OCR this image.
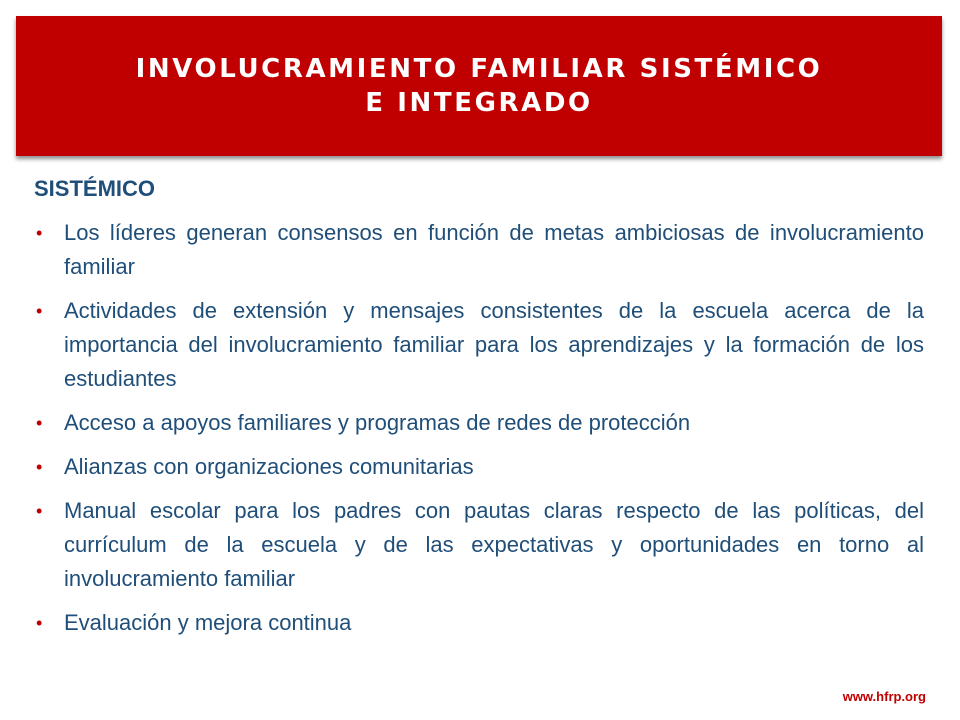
INVOLUCRAMIENTO FAMILIAR SISTÉMICO
E INTEGRADO
SISTÉMICO
• Los líderes generan consensos en función de metas ambiciosas de involucramiento familiar
• Actividades de extensión y mensajes consistentes de la escuela acerca de la importancia del involucramiento familiar para los aprendizajes y la formación de los estudiantes
• Acceso a apoyos familiares y programas de redes de protección
• Alianzas con organizaciones comunitarias
• Manual escolar para los padres con pautas claras respecto de las políticas, del currículum de la escuela y de las expectativas y oportunidades en torno al involucramiento familiar
• Evaluación y mejora continua
www.hfrp.org
